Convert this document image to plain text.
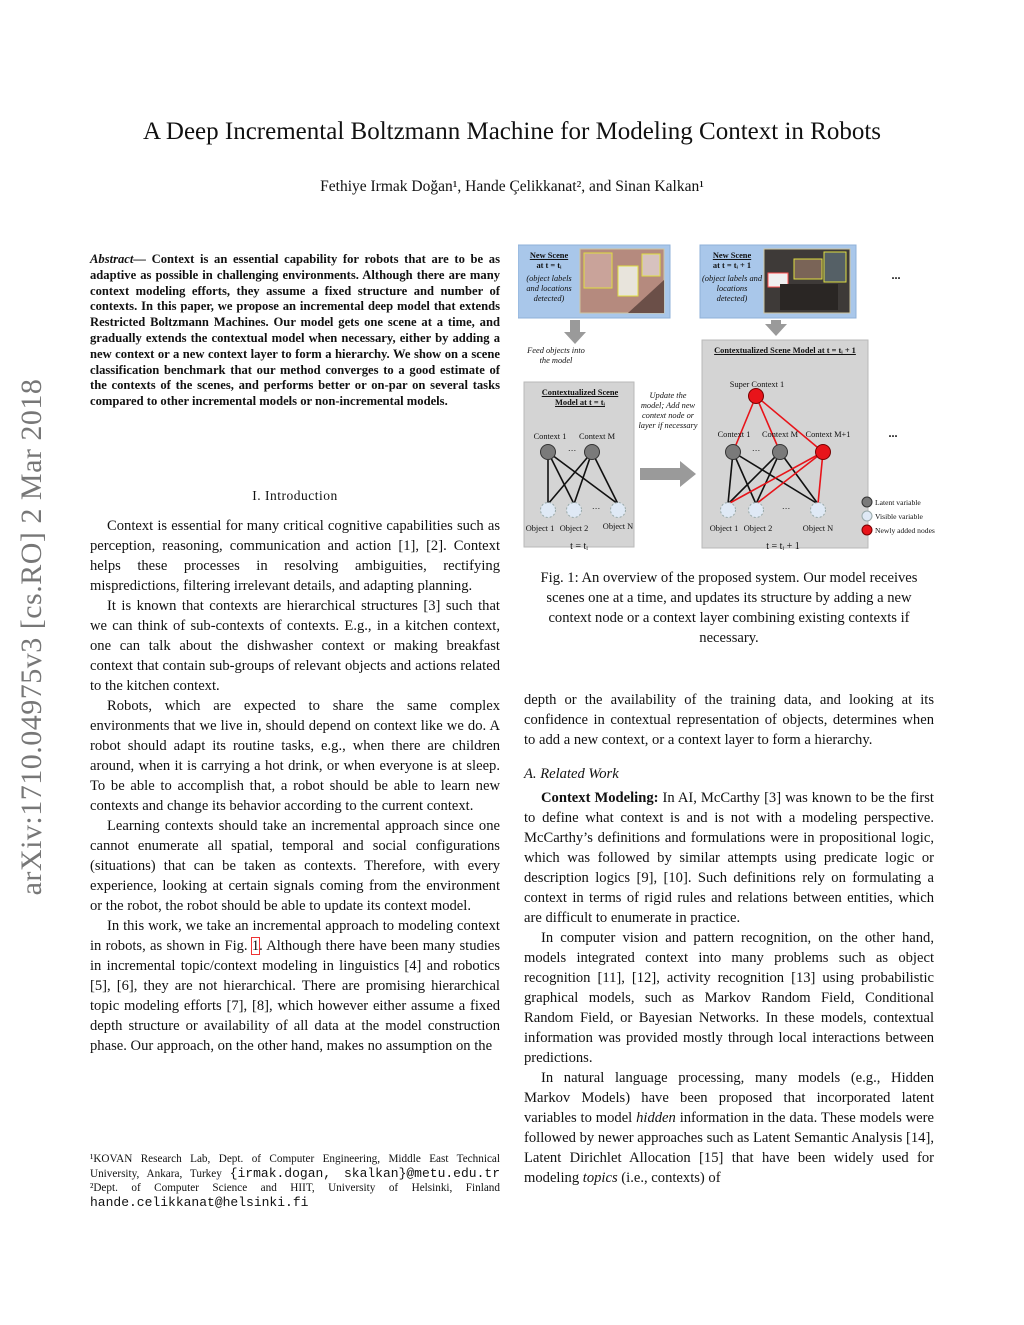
A Deep Incremental Boltzmann Machine for Modeling Context in Robots
Fethiye Irmak Doğan¹, Hande Çelikkanat², and Sinan Kalkan¹
arXiv:1710.04975v3 [cs.RO] 2 Mar 2018
Abstract— Context is an essential capability for robots that are to be as adaptive as possible in challenging environments. Although there are many context modeling efforts, they assume a fixed structure and number of contexts. In this paper, we propose an incremental deep model that extends Restricted Boltzmann Machines. Our model gets one scene at a time, and gradually extends the contextual model when necessary, either by adding a new context or a new context layer to form a hierarchy. We show on a scene classification benchmark that our method converges to a good estimate of the contexts of the scenes, and performs better or on-par on several tasks compared to other incremental models or non-incremental models.

I. Introduction

Context is essential for many critical cognitive capabilities such as perception, reasoning, communication and action [1], [2]. Context helps these processes in resolving ambiguities, rectifying mispredictions, filtering irrelevant details, and adapting planning.

It is known that contexts are hierarchical structures [3] such that we can think of sub-contexts of contexts. E.g., in a kitchen context, one can talk about the dishwasher context or making breakfast context that contain sub-groups of relevant objects and actions related to the kitchen context.

Robots, which are expected to share the same complex environments that we live in, should depend on context like we do. A robot should adapt its routine tasks, e.g., when there are children around, when it is carrying a hot drink, or when everyone is at sleep. To be able to accomplish that, a robot should be able to learn new contexts and change its behavior according to the current context.

Learning contexts should take an incremental approach since one cannot enumerate all spatial, temporal and social configurations (situations) that can be taken as contexts. Therefore, with every experience, looking at certain signals coming from the environment or the robot, the robot should be able to update its context model.

In this work, we take an incremental approach to modeling context in robots, as shown in Fig. 1. Although there have been many studies in incremental topic/context modeling in linguistics [4] and robotics [5], [6], they are not hierarchical. There are promising hierarchical topic modeling efforts [7], [8], which however either assume a fixed depth structure or availability of all data at the model construction phase. Our approach, on the other hand, makes no assumption on the

¹KOVAN Research Lab, Dept. of Computer Engineering, Middle East Technical University, Ankara, Turkey {irmak.dogan, skalkan}@metu.edu.tr ²Dept. of Computer Science and HIIT, University of Helsinki, Finland hande.celikkanat@helsinki.fi
New Scene
at t = tᵢ
(object labels and locations detected)
New Scene
at t = tᵢ + 1
(object labels and locations detected)
...
Feed objects into the model
Contextualized Scene Model at t = tᵢ
Contextualized Scene Model at t = tᵢ + 1
Update the model; Add new context node or layer if necessary
Super Context 1
Context 1	Context M	Context 1	Context M Context M+1
…	…
…	…
...
Object 1 Object 2	Object N	Object 1 Object 2	Object N
t = tᵢ	t = tᵢ + 1
Latent variable
Visible variable
Newly added nodes
Fig. 1: An overview of the proposed system. Our model receives scenes one at a time, and updates its structure by adding a new context node or a context layer combining existing contexts if necessary.

depth or the availability of the training data, and looking at its confidence in contextual representation of objects, determines when to add a new context, or a context layer to form a hierarchy.

A. Related Work

Context Modeling: In AI, McCarthy [3] was known to be the first to define what context is and is not with a modeling perspective. McCarthy’s definitions and formulations were in propositional logic, which was followed by similar attempts using predicate logic or description logics [9], [10]. Such definitions rely on formulating a context in terms of rigid rules and relations between entities, which are difficult to enumerate in practice.

In computer vision and pattern recognition, on the other hand, models integrated context into many problems such as object recognition [11], [12], activity recognition [13] using probabilistic graphical models, such as Markov Random Field, Conditional Random Field, or Bayesian Networks. In these models, contextual information was provided mostly through local interactions between predictions.

In natural language processing, many models (e.g., Hidden Markov Models) have been proposed that incorporated latent variables to model hidden information in the data. These models were followed by newer approaches such as Latent Semantic Analysis [14], Latent Dirichlet Allocation [15] that have been widely used for modeling topics (i.e., contexts) of
